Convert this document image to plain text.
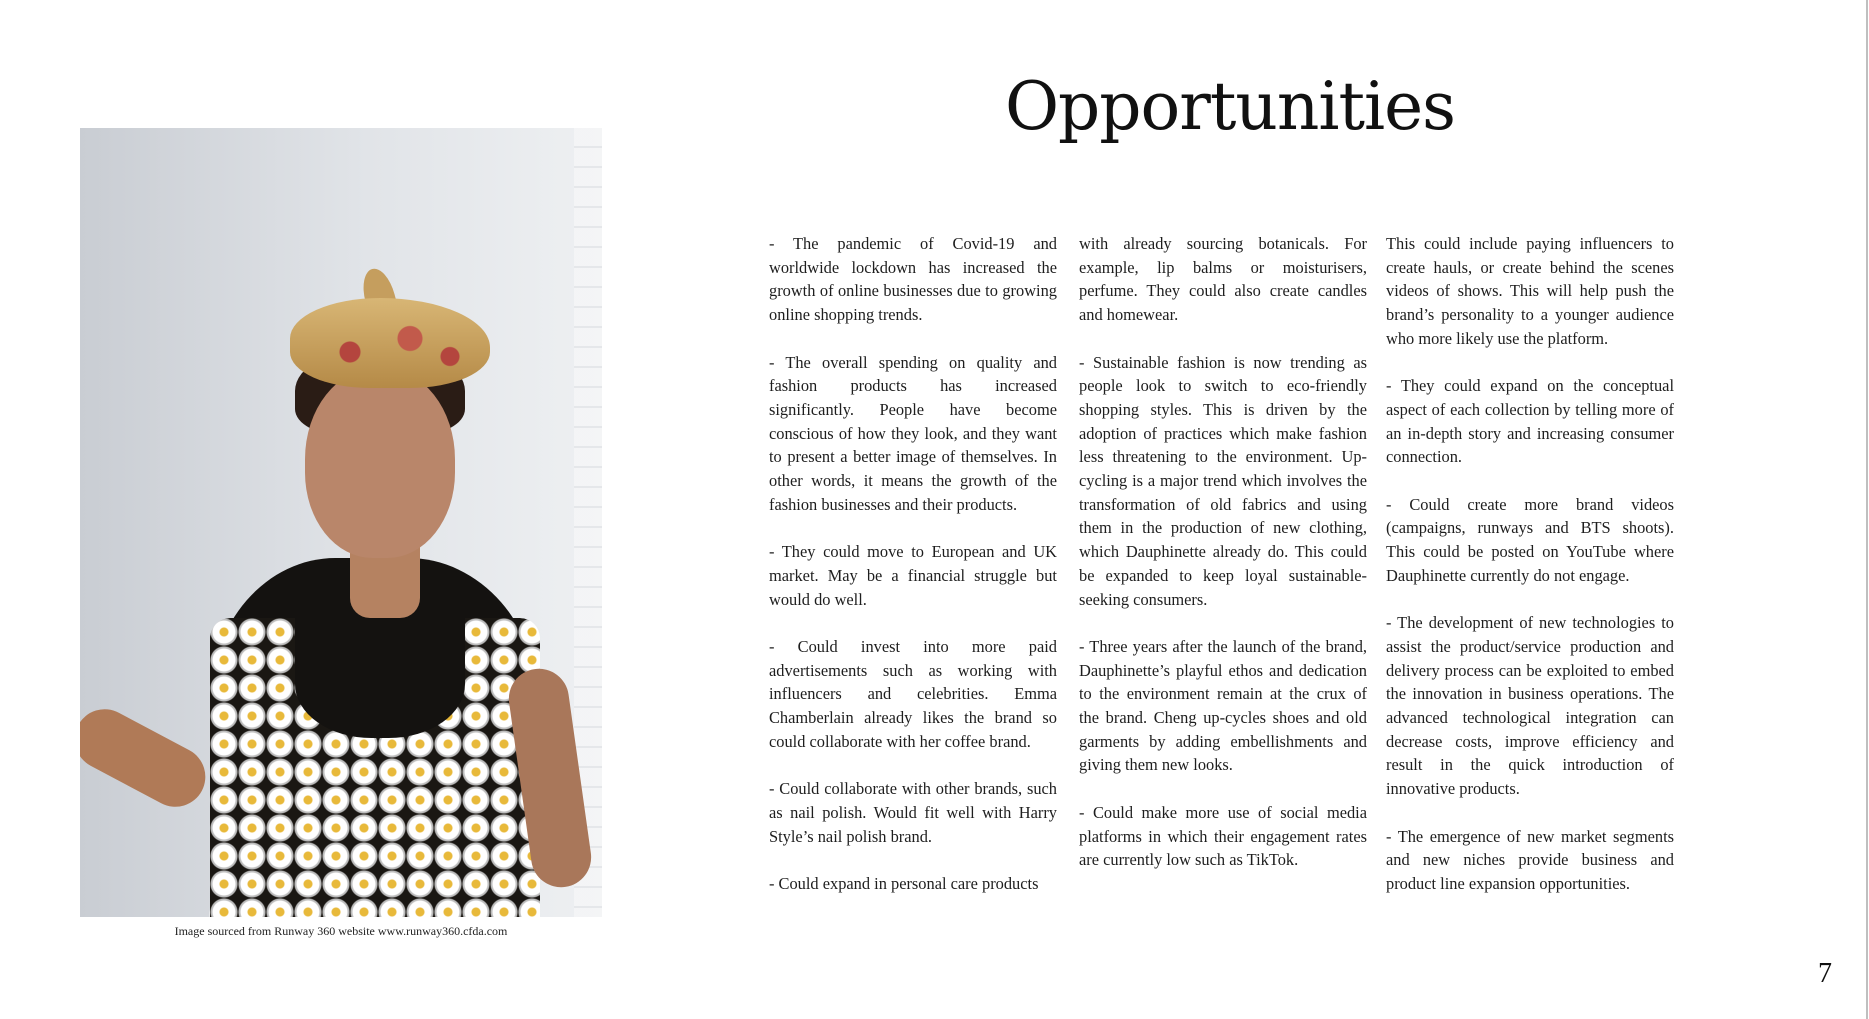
Image sourced from Runway 360 website www.runway360.cfda.com
Opportunities

- The pandemic of Covid-19 and worldwide lockdown has increased the growth of online businesses due to growing online shopping trends.

- The overall spending on quality and fashion products has increased significantly. People have become conscious of how they look, and they want to present a better image of themselves. In other words, it means the growth of the fashion businesses and their products.

- They could move to European and UK market. May be a financial struggle but would do well.

- Could invest into more paid advertisements such as working with influencers and celebrities. Emma Chamberlain already likes the brand so could collaborate with her coffee brand.

- Could collaborate with other brands, such as nail polish. Would fit well with Harry Style’s nail polish brand.

- Could expand in personal care products

with already sourcing botanicals. For example, lip balms or moisturisers, perfume. They could also create candles and homewear.

- Sustainable fashion is now trending as people look to switch to eco-friendly shopping styles. This is driven by the adoption of practices which make fashion less threatening to the environment. Up-cycling is a major trend which involves the transformation of old fabrics and using them in the production of new clothing, which Dauphinette already do. This could be expanded to keep loyal sustainable- seeking consumers.

- Three years after the launch of the brand, Dauphinette’s playful ethos and dedication to the environment remain at the crux of the brand. Cheng up-cycles shoes and old garments by adding embellishments and giving them new looks.

- Could make more use of social media platforms in which their engagement rates are currently low such as TikTok.

This could include paying influencers to create hauls, or create behind the scenes videos of shows. This will help push the brand’s personality to a younger audience who more likely use the platform.

- They could expand on the conceptual aspect of each collection by telling more of an in-depth story and increasing consumer connection.

- Could create more brand videos (campaigns, runways and BTS shoots). This could be posted on YouTube where Dauphinette currently do not engage.

- The development of new technologies to assist the product/service production and delivery process can be exploited to embed the innovation in business operations. The advanced technological integration can decrease costs, improve efficiency and result in the quick introduction of innovative products.

- The emergence of new market segments and new niches provide business and product line expansion opportunities.

7
